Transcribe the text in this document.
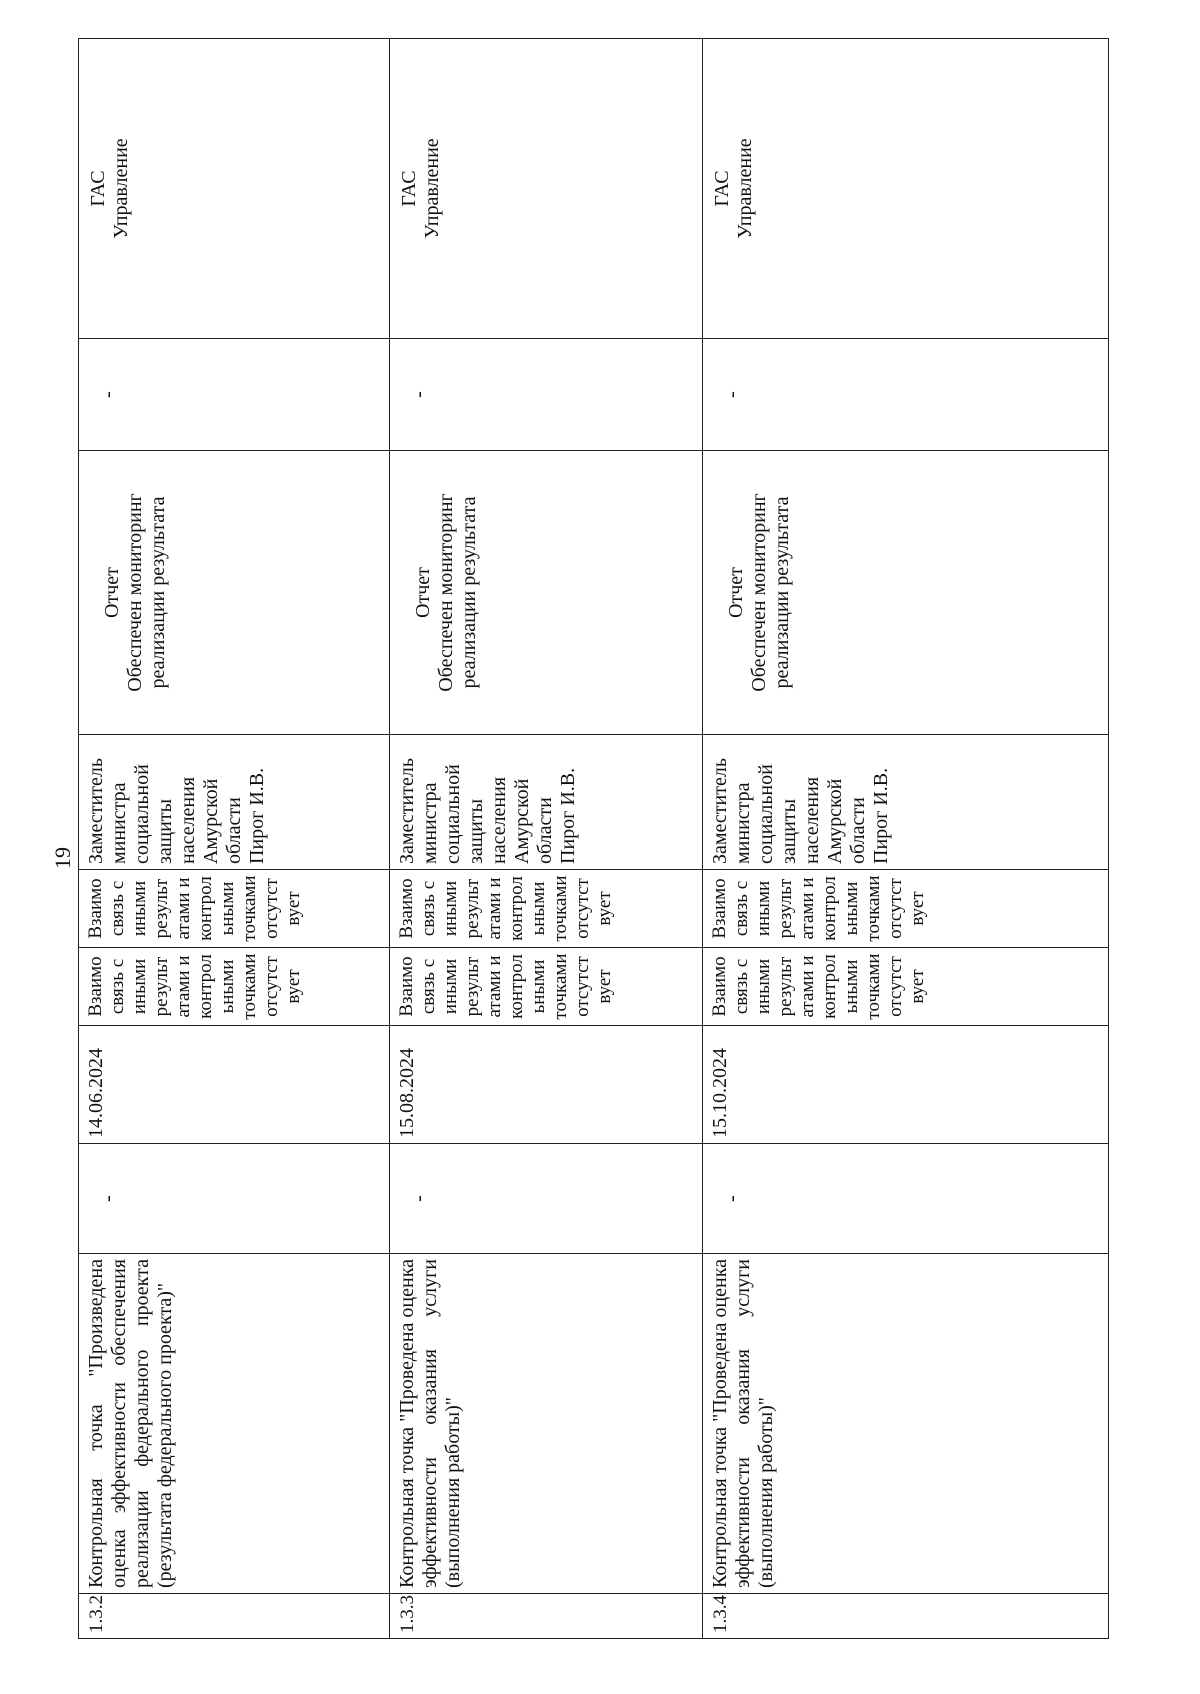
19
1.3.2	Контрольная точка "Произведена оценка эффективности обеспечения реализации федерального проекта (результата федерального проекта)"	-	14.06.2024	Взаимосвязь с иными результатами и контрольными точками отсутствует	Взаимосвязь с иными результатами и контрольными точками отсутствует	Заместитель министра социальной защиты населения Амурской области Пирог И.В.	Отчет Обеспечен мониторинг реализации результата	-	ГАС Управление

1.3.3	Контрольная точка "Проведена оценка эффективности оказания услуги (выполнения работы)"	-	15.08.2024	Взаимосвязь с иными результатами и контрольными точками отсутствует	Взаимосвязь с иными результатами и контрольными точками отсутствует	Заместитель министра социальной защиты населения Амурской области Пирог И.В.	Отчет Обеспечен мониторинг реализации результата	-	ГАС Управление

1.3.4	Контрольная точка "Проведена оценка эффективности оказания услуги (выполнения работы)"	-	15.10.2024	Взаимосвязь с иными результатами и контрольными точками отсутствует	Взаимосвязь с иными результатами и контрольными точками отсутствует	Заместитель министра социальной защиты населения Амурской области Пирог И.В.	Отчет Обеспечен мониторинг реализации результата	-	ГАС Управление
